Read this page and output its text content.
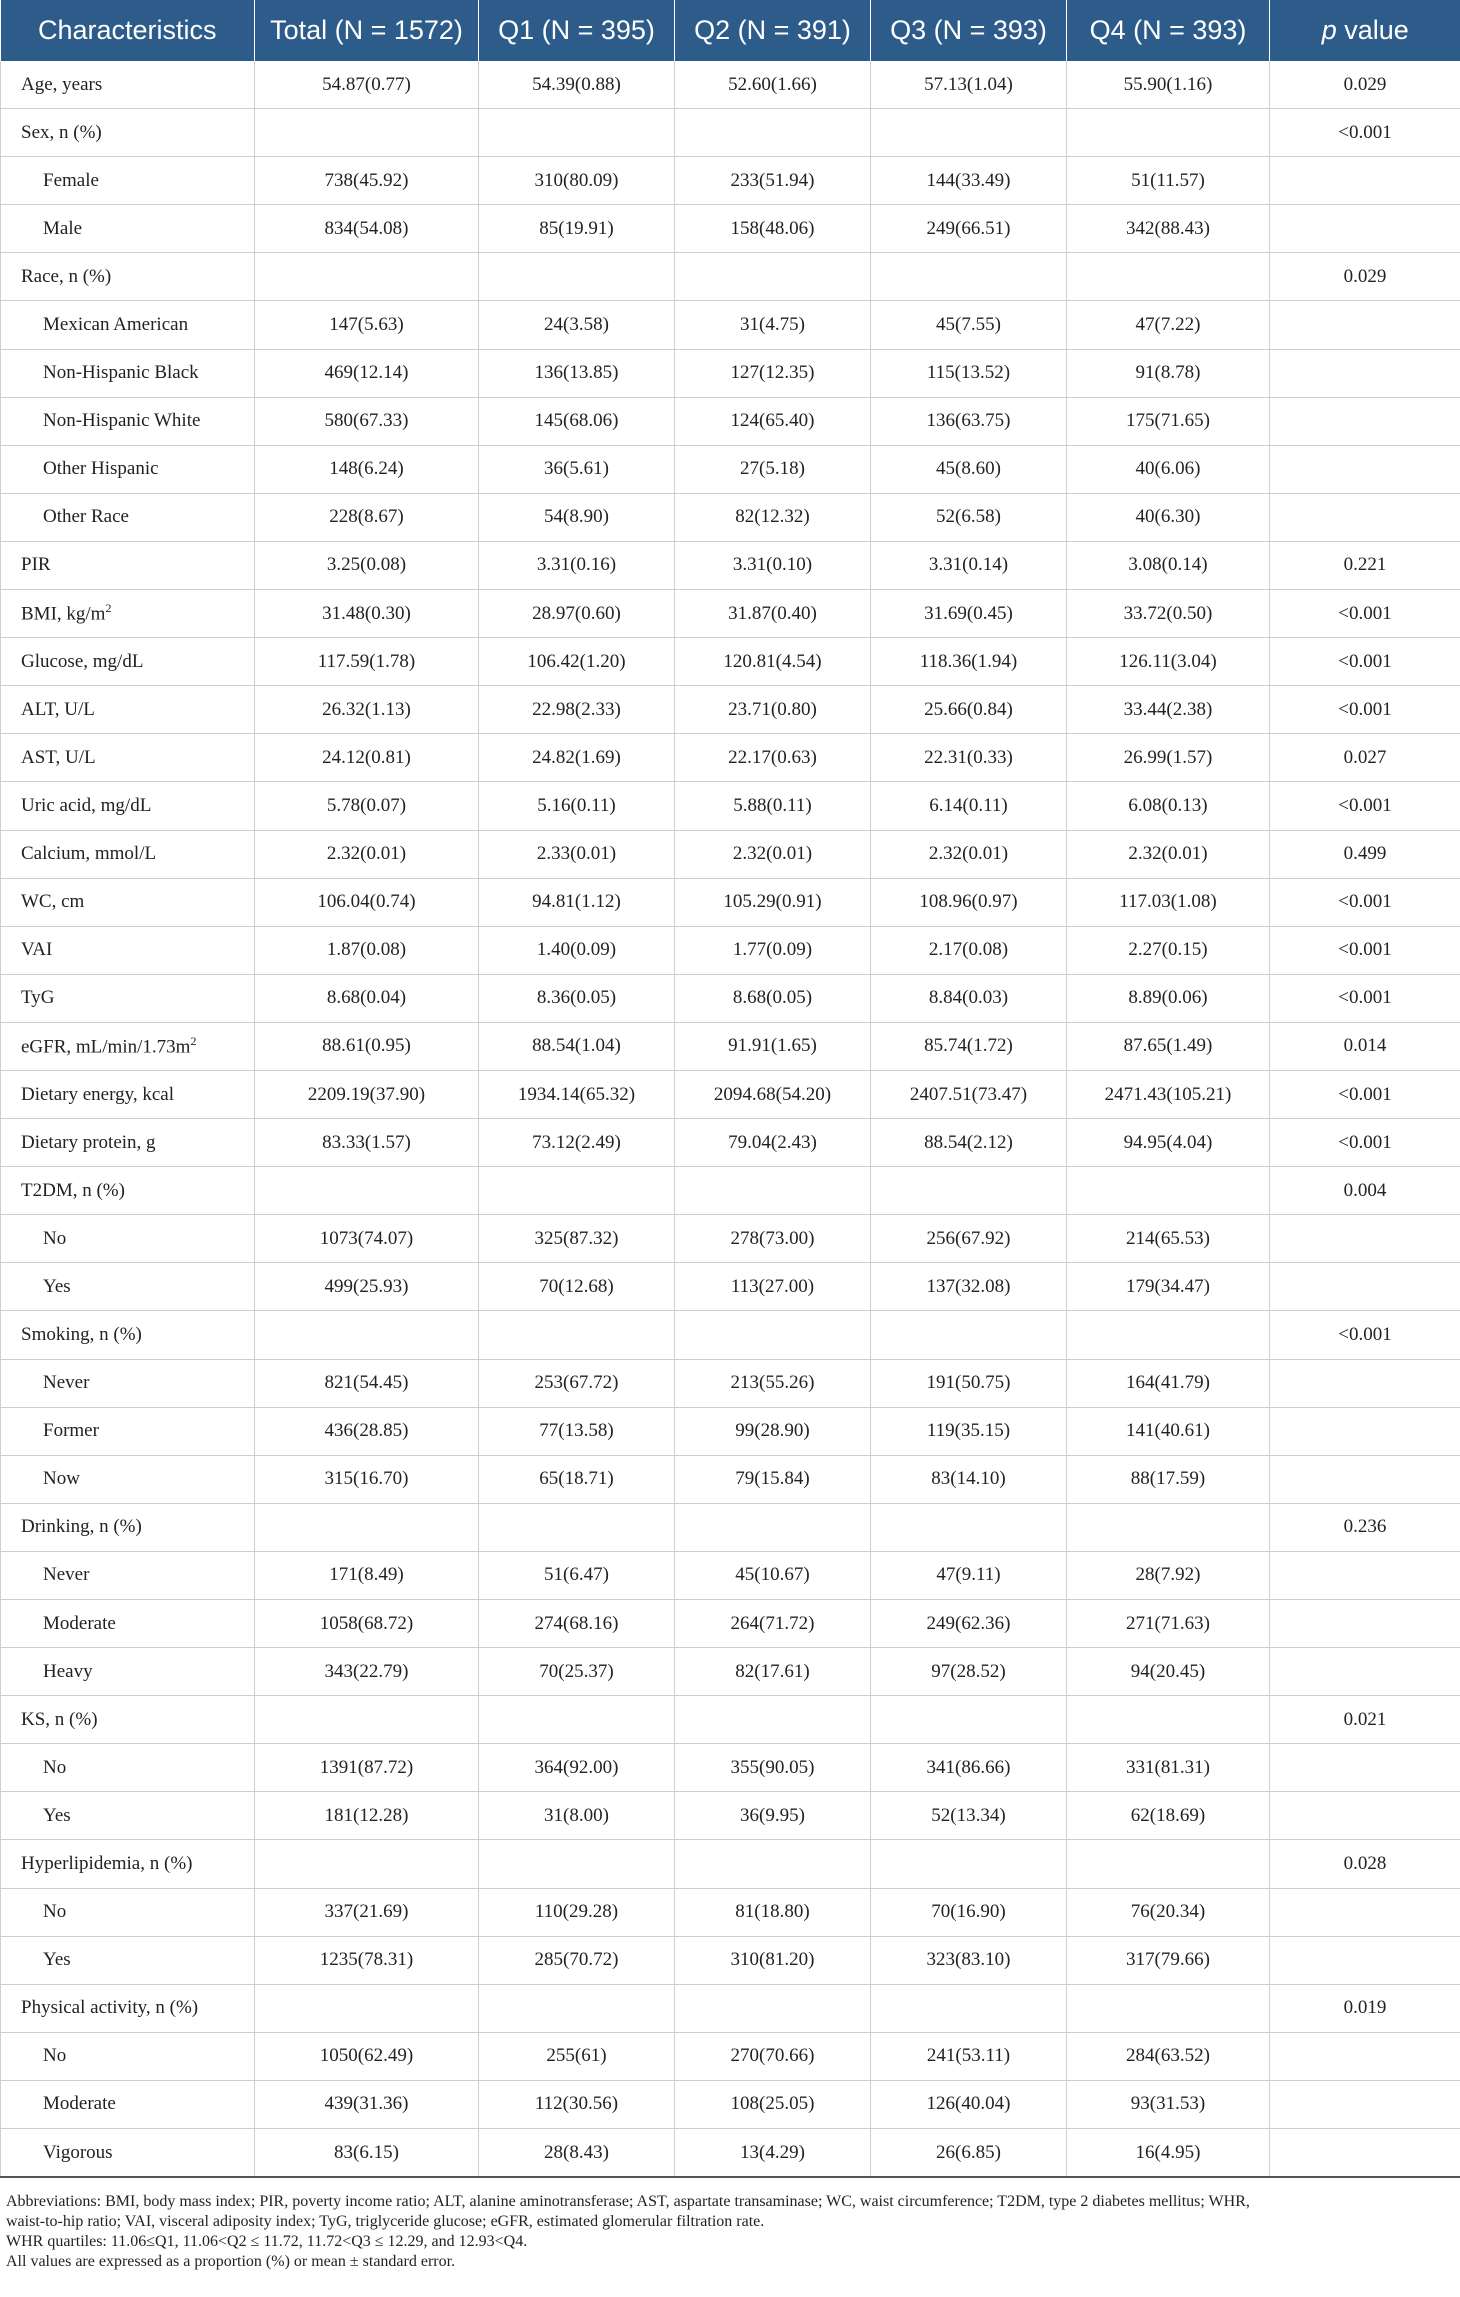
Characteristics	Total (N = 1572)	Q1 (N = 395)	Q2 (N = 391)	Q3 (N = 393)	Q4 (N = 393)	p value
Age, years	54.87(0.77)	54.39(0.88)	52.60(1.66)	57.13(1.04)	55.90(1.16)	0.029
Sex, n (%)						<0.001
Female	738(45.92)	310(80.09)	233(51.94)	144(33.49)	51(11.57)	
Male	834(54.08)	85(19.91)	158(48.06)	249(66.51)	342(88.43)	
Race, n (%)						0.029
Mexican American	147(5.63)	24(3.58)	31(4.75)	45(7.55)	47(7.22)	
Non-Hispanic Black	469(12.14)	136(13.85)	127(12.35)	115(13.52)	91(8.78)	
Non-Hispanic White	580(67.33)	145(68.06)	124(65.40)	136(63.75)	175(71.65)	
Other Hispanic	148(6.24)	36(5.61)	27(5.18)	45(8.60)	40(6.06)	
Other Race	228(8.67)	54(8.90)	82(12.32)	52(6.58)	40(6.30)	
PIR	3.25(0.08)	3.31(0.16)	3.31(0.10)	3.31(0.14)	3.08(0.14)	0.221
BMI, $kg/m^2$	31.48(0.30)	28.97(0.60)	31.87(0.40)	31.69(0.45)	33.72(0.50)	<0.001
Glucose, mg/dL	117.59(1.78)	106.42(1.20)	120.81(4.54)	118.36(1.94)	126.11(3.04)	<0.001
ALT, U/L	26.32(1.13)	22.98(2.33)	23.71(0.80)	25.66(0.84)	33.44(2.38)	<0.001
AST, U/L	24.12(0.81)	24.82(1.69)	22.17(0.63)	22.31(0.33)	26.99(1.57)	0.027
Uric acid, mg/dL	5.78(0.07)	5.16(0.11)	5.88(0.11)	6.14(0.11)	6.08(0.13)	<0.001
Calcium, mmol/L	2.32(0.01)	2.33(0.01)	2.32(0.01)	2.32(0.01)	2.32(0.01)	0.499
WC, cm	106.04(0.74)	94.81(1.12)	105.29(0.91)	108.96(0.97)	117.03(1.08)	<0.001
VAI	1.87(0.08)	1.40(0.09)	1.77(0.09)	2.17(0.08)	2.27(0.15)	<0.001
TyG	8.68(0.04)	8.36(0.05)	8.68(0.05)	8.84(0.03)	8.89(0.06)	<0.001
eGFR, $mL/\min/1.73m^2$	88.61(0.95)	88.54(1.04)	91.91(1.65)	85.74(1.72)	87.65(1.49)	0.014
Dietary energy, kcal	2209.19(37.90)	1934.14(65.32)	2094.68(54.20)	2407.51(73.47)	2471.43(105.21)	<0.001
Dietary protein, g	83.33(1.57)	73.12(2.49)	79.04(2.43)	88.54(2.12)	94.95(4.04)	<0.001
T2DM, n (%)						0.004
No	1073(74.07)	325(87.32)	278(73.00)	256(67.92)	214(65.53)	
Yes	499(25.93)	70(12.68)	113(27.00)	137(32.08)	179(34.47)	
Smoking, n (%)						<0.001
Never	821(54.45)	253(67.72)	213(55.26)	191(50.75)	164(41.79)	
Former	436(28.85)	77(13.58)	99(28.90)	119(35.15)	141(40.61)	
Now	315(16.70)	65(18.71)	79(15.84)	83(14.10)	88(17.59)	
Drinking, n (%)						0.236
Never	171(8.49)	51(6.47)	45(10.67)	47(9.11)	28(7.92)	
Moderate	1058(68.72)	274(68.16)	264(71.72)	249(62.36)	271(71.63)	
Heavy	343(22.79)	70(25.37)	82(17.61)	97(28.52)	94(20.45)	
KS, n (%)						0.021
No	1391(87.72)	364(92.00)	355(90.05)	341(86.66)	331(81.31)	
Yes	181(12.28)	31(8.00)	36(9.95)	52(13.34)	62(18.69)	
Hyperlipidemia, n (%)						0.028
No	337(21.69)	110(29.28)	81(18.80)	70(16.90)	76(20.34)	
Yes	1235(78.31)	285(70.72)	310(81.20)	323(83.10)	317(79.66)	
Physical activity, n (%)						0.019
No	1050(62.49)	255(61)	270(70.66)	241(53.11)	284(63.52)	
Moderate	439(31.36)	112(30.56)	108(25.05)	126(40.04)	93(31.53)	
Vigorous	83(6.15)	28(8.43)	13(4.29)	26(6.85)	16(4.95)	
Abbreviations: BMI, body mass index; PIR, poverty income ratio; ALT, alanine aminotransferase; AST, aspartate transaminase; WC, waist circumference; T2DM, type 2 diabetes mellitus; WHR,
waist-to-hip ratio; VAI, visceral adiposity index; TyG, triglyceride glucose; eGFR, estimated glomerular filtration rate.
WHR quartiles: 11.06≤Q1, 11.06<Q2 ≤ 11.72, 11.72<Q3 ≤ 12.29, and 12.93<Q4.
All values are expressed as a proportion (%) or mean ± standard error.
